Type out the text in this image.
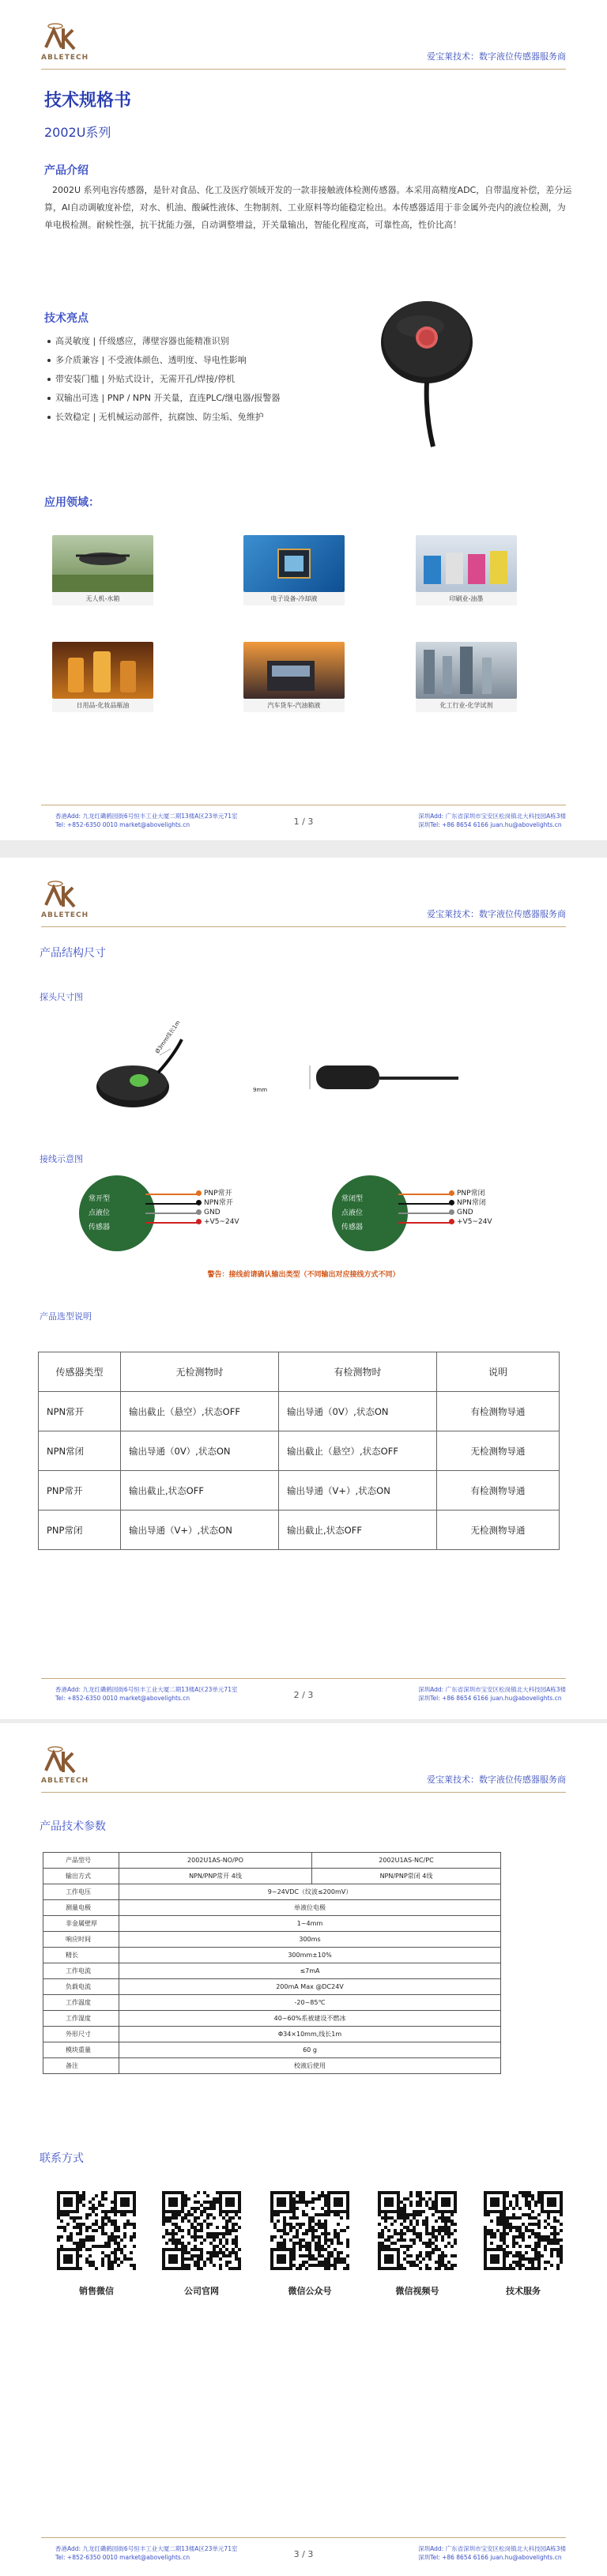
ABLETECH	爱宝莱技术：数字液位传感器服务商
技术规格书
2002U系列
产品介绍
2002U 系列电容传感器，是针对食品、化工及医疗领域开发的一款非接触液体检测传感器。本采用高精度ADC，自带温度补偿，差分运算，AI自动调敏度补偿，对水、机油、酸碱性液体、生物制剂、工业原料等均能稳定检出。本传感器适用于非金属外壳内的液位检测，为单电极检测。耐候性强，抗干扰能力强，自动调整增益，开关量输出，智能化程度高，可靠性高，性价比高！
技术亮点
高灵敏度 | 仟级感应，薄壁容器也能精准识别
多介质兼容 | 不受液体颜色、透明度、导电性影响
带安装门槛 | 外贴式设计，无需开孔/焊接/停机
双输出可选 | PNP / NPN 开关量，直连PLC/继电器/报警器
长效稳定 | 无机械运动部件，抗腐蚀、防尘垢、免维护
应用领域：
无人机-水箱	电子设备-冷却液	印刷业-油墨
日用品-化妆品瓶油	汽车货车-汽油箱液	化工行业-化学试剂
香港Add: 九龙红磡鹤园街6号恒丰工业大厦二期13楼A区23单元71室
Tel: +852-6350 0010 market@abovelights.cn	1 / 3
深圳Add: 广东省深圳市宝安区松岗镇北大科技园A栋3楼
深圳Tel: +86 8654 6166 juan.hu@abovelights.cn
ABLETECH	爱宝莱技术：数字液位传感器服务商
产品结构尺寸
探头尺寸图
Ø3mm线长1m
9mm
接线示意图
常开型
点液位
传感器
PNP常开
NPN常开
GND
+V5~24V
常闭型
点液位
传感器
PNP常闭
NPN常闭
GND
+V5~24V
警告：接线前请确认输出类型（不同输出对应接线方式不同）
产品选型说明
传感器类型	无检测物时	有检测物时	说明
NPN常开	输出截止（悬空）,状态OFF	输出导通（0V）,状态ON	有检测物导通
NPN常闭	输出导通（0V）,状态ON	输出截止（悬空）,状态OFF	无检测物导通
PNP常开	输出截止,状态OFF	输出导通（V+）,状态ON	有检测物导通
PNP常闭	输出导通（V+）,状态ON	输出截止,状态OFF	无检测物导通
香港Add: 九龙红磡鹤园街6号恒丰工业大厦二期13楼A区23单元71室
Tel: +852-6350 0010 market@abovelights.cn	2 / 3
深圳Add: 广东省深圳市宝安区松岗镇北大科技园A栋3楼
深圳Tel: +86 8654 6166 juan.hu@abovelights.cn
ABLETECH	爱宝莱技术：数字液位传感器服务商
产品技术参数
产品型号	2002U1AS-NO/PO	2002U1AS-NC/PC
输出方式	NPN/PNP常开 4线	NPN/PNP常闭 4线
工作电压	9~24VDC（纹波≤200mV）	
测量电极	单液位电极	
非金属壁厚	1~4mm	
响应时间	300ms	
精长	300mm±10%	
工作电流	≤7mA	
负载电流	200mA Max @DC24V	
工作温度	-20~85℃	
工作湿度	40~60%系被建设不燃冰	
外形尺寸	Φ34×10mm,线长1m	
模块重量	60 g	
备注	校液后使用	
联系方式
销售微信	公司官网	微信公众号	微信视频号	技术服务
香港Add: 九龙红磡鹤园街6号恒丰工业大厦二期13楼A区23单元71室
Tel: +852-6350 0010 market@abovelights.cn	3 / 3
深圳Add: 广东省深圳市宝安区松岗镇北大科技园A栋3楼
深圳Tel: +86 8654 6166 juan.hu@abovelights.cn
